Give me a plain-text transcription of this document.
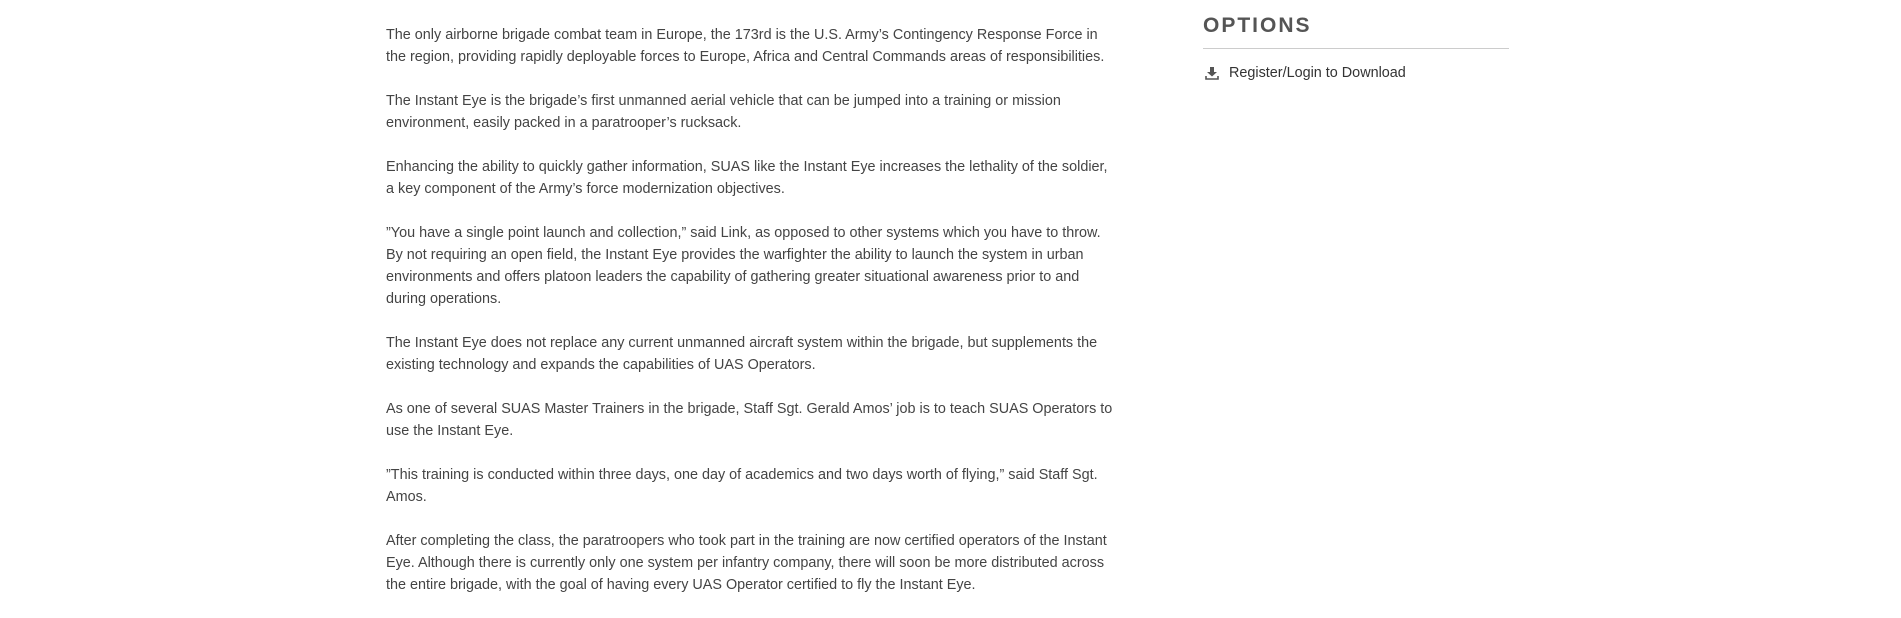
The only airborne brigade combat team in Europe, the 173rd is the U.S. Army’s Contingency Response Force in the region, providing rapidly deployable forces to Europe, Africa and Central Commands areas of responsibilities.

The Instant Eye is the brigade’s first unmanned aerial vehicle that can be jumped into a training or mission environment, easily packed in a paratrooper’s rucksack.

Enhancing the ability to quickly gather information, SUAS like the Instant Eye increases the lethality of the soldier, a key component of the Army’s force modernization objectives.

”You have a single point launch and collection,” said Link, as opposed to other systems which you have to throw. By not requiring an open field, the Instant Eye provides the warfighter the ability to launch the system in urban environments and offers platoon leaders the capability of gathering greater situational awareness prior to and during operations.

The Instant Eye does not replace any current unmanned aircraft system within the brigade, but supplements the existing technology and expands the capabilities of UAS Operators.

As one of several SUAS Master Trainers in the brigade, Staff Sgt. Gerald Amos’ job is to teach SUAS Operators to use the Instant Eye.

”This training is conducted within three days, one day of academics and two days worth of flying,” said Staff Sgt. Amos.

After completing the class, the paratroopers who took part in the training are now certified operators of the Instant Eye. Although there is currently only one system per infantry company, there will soon be more distributed across the entire brigade, with the goal of having every UAS Operator certified to fly the Instant Eye.

OPTIONS
Register/Login to Download
